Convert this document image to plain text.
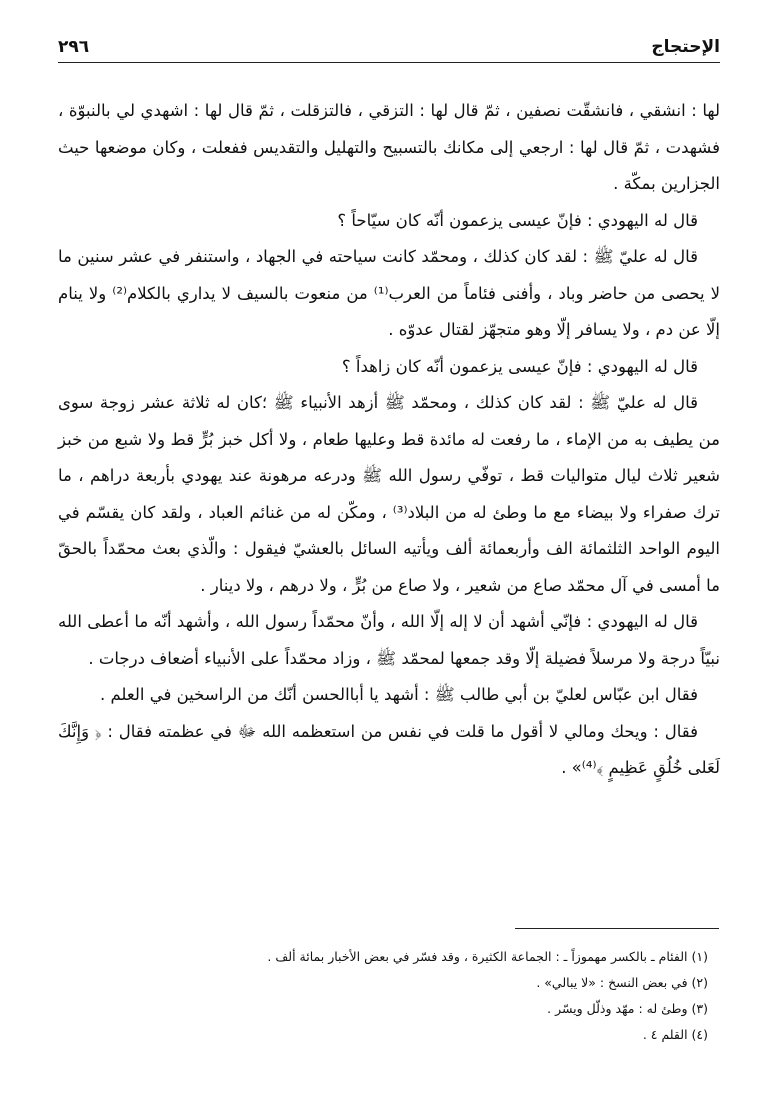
الإحتجاج
٢٩٦

لها : انشقي ، فانشقّت نصفين ، ثمّ قال لها : التزقي ، فالتزقلت ، ثمّ قال لها : اشهدي لي بالنبوّة ، فشهدت ، ثمّ قال لها : ارجعي إلى مكانك بالتسبيح والتهليل والتقديس ففعلت ، وكان موضعها حيث الجزارين بمكّة .

قال له اليهودي : فإنّ عيسى يزعمون أنّه كان سيّاحاً ؟

قال له عليّ ﷺ : لقد كان كذلك ، ومحمّد كانت سياحته في الجهاد ، واستنفر في عشر سنين ما لا يحصى من حاضر وباد ، وأفنى فئاماً من العرب⁽¹⁾ من منعوت بالسيف لا يداري بالكلام⁽²⁾ ولا ينام إلّا عن دم ، ولا يسافر إلّا وهو متجهّز لقتال عدوّه .

قال له اليهودي : فإنّ عيسى يزعمون أنّه كان زاهداً ؟

قال له عليّ ﷺ : لقد كان كذلك ، ومحمّد ﷺ أزهد الأنبياء ﷺ ؛كان له ثلاثة عشر زوجة سوى من يطيف به من الإماء ، ما رفعت له مائدة قط وعليها طعام ، ولا أكل خبز بُرٍّ قط ولا شبع من خبز شعير ثلاث ليال متواليات قط ، توفّي رسول الله ﷺ ودرعه مرهونة عند يهودي بأربعة دراهم ، ما ترك صفراء ولا بيضاء مع ما وطئ له من البلاد⁽³⁾ ، ومكّن له من غنائم العباد ، ولقد كان يقسّم في اليوم الواحد الثلثمائة الف وأربعمائة ألف ويأتيه السائل بالعشيّ فيقول : والّذي بعث محمّداً بالحقّ ما أمسى في آل محمّد صاع من شعير ، ولا صاع من بُرٍّ ، ولا درهم ، ولا دينار .

قال له اليهودي : فإنّي أشهد أن لا إله إلّا الله ، وأنّ محمّداً رسول الله ، وأشهد أنّه ما أعطى الله نبيّاً درجة ولا مرسلاً فضيلة إلّا وقد جمعها لمحمّد ﷺ ، وزاد محمّداً على الأنبياء أضعاف درجات .

فقال ابن عبّاس لعليّ بن أبي طالب ﷺ : أشهد يا أباالحسن أنّك من الراسخين في العلم .

فقال : ويحك ومالي لا أقول ما قلت في نفس من استعظمه الله ﷻ في عظمته فقال : ﴿ وَإِنَّكَ لَعَلى خُلُقٍ عَظِيمٍ ﴾⁽⁴⁾» .

(١) الفئام ـ بالكسر مهموزاً ـ : الجماعة الكثيرة ، وقد فسّر في بعض الأخبار بمائة ألف .

(٢) في بعض النسخ : «لا يبالي» .

(٣) وطئ له : مهّد وذلّل ويسّر .

(٤) القلم ٤ .
